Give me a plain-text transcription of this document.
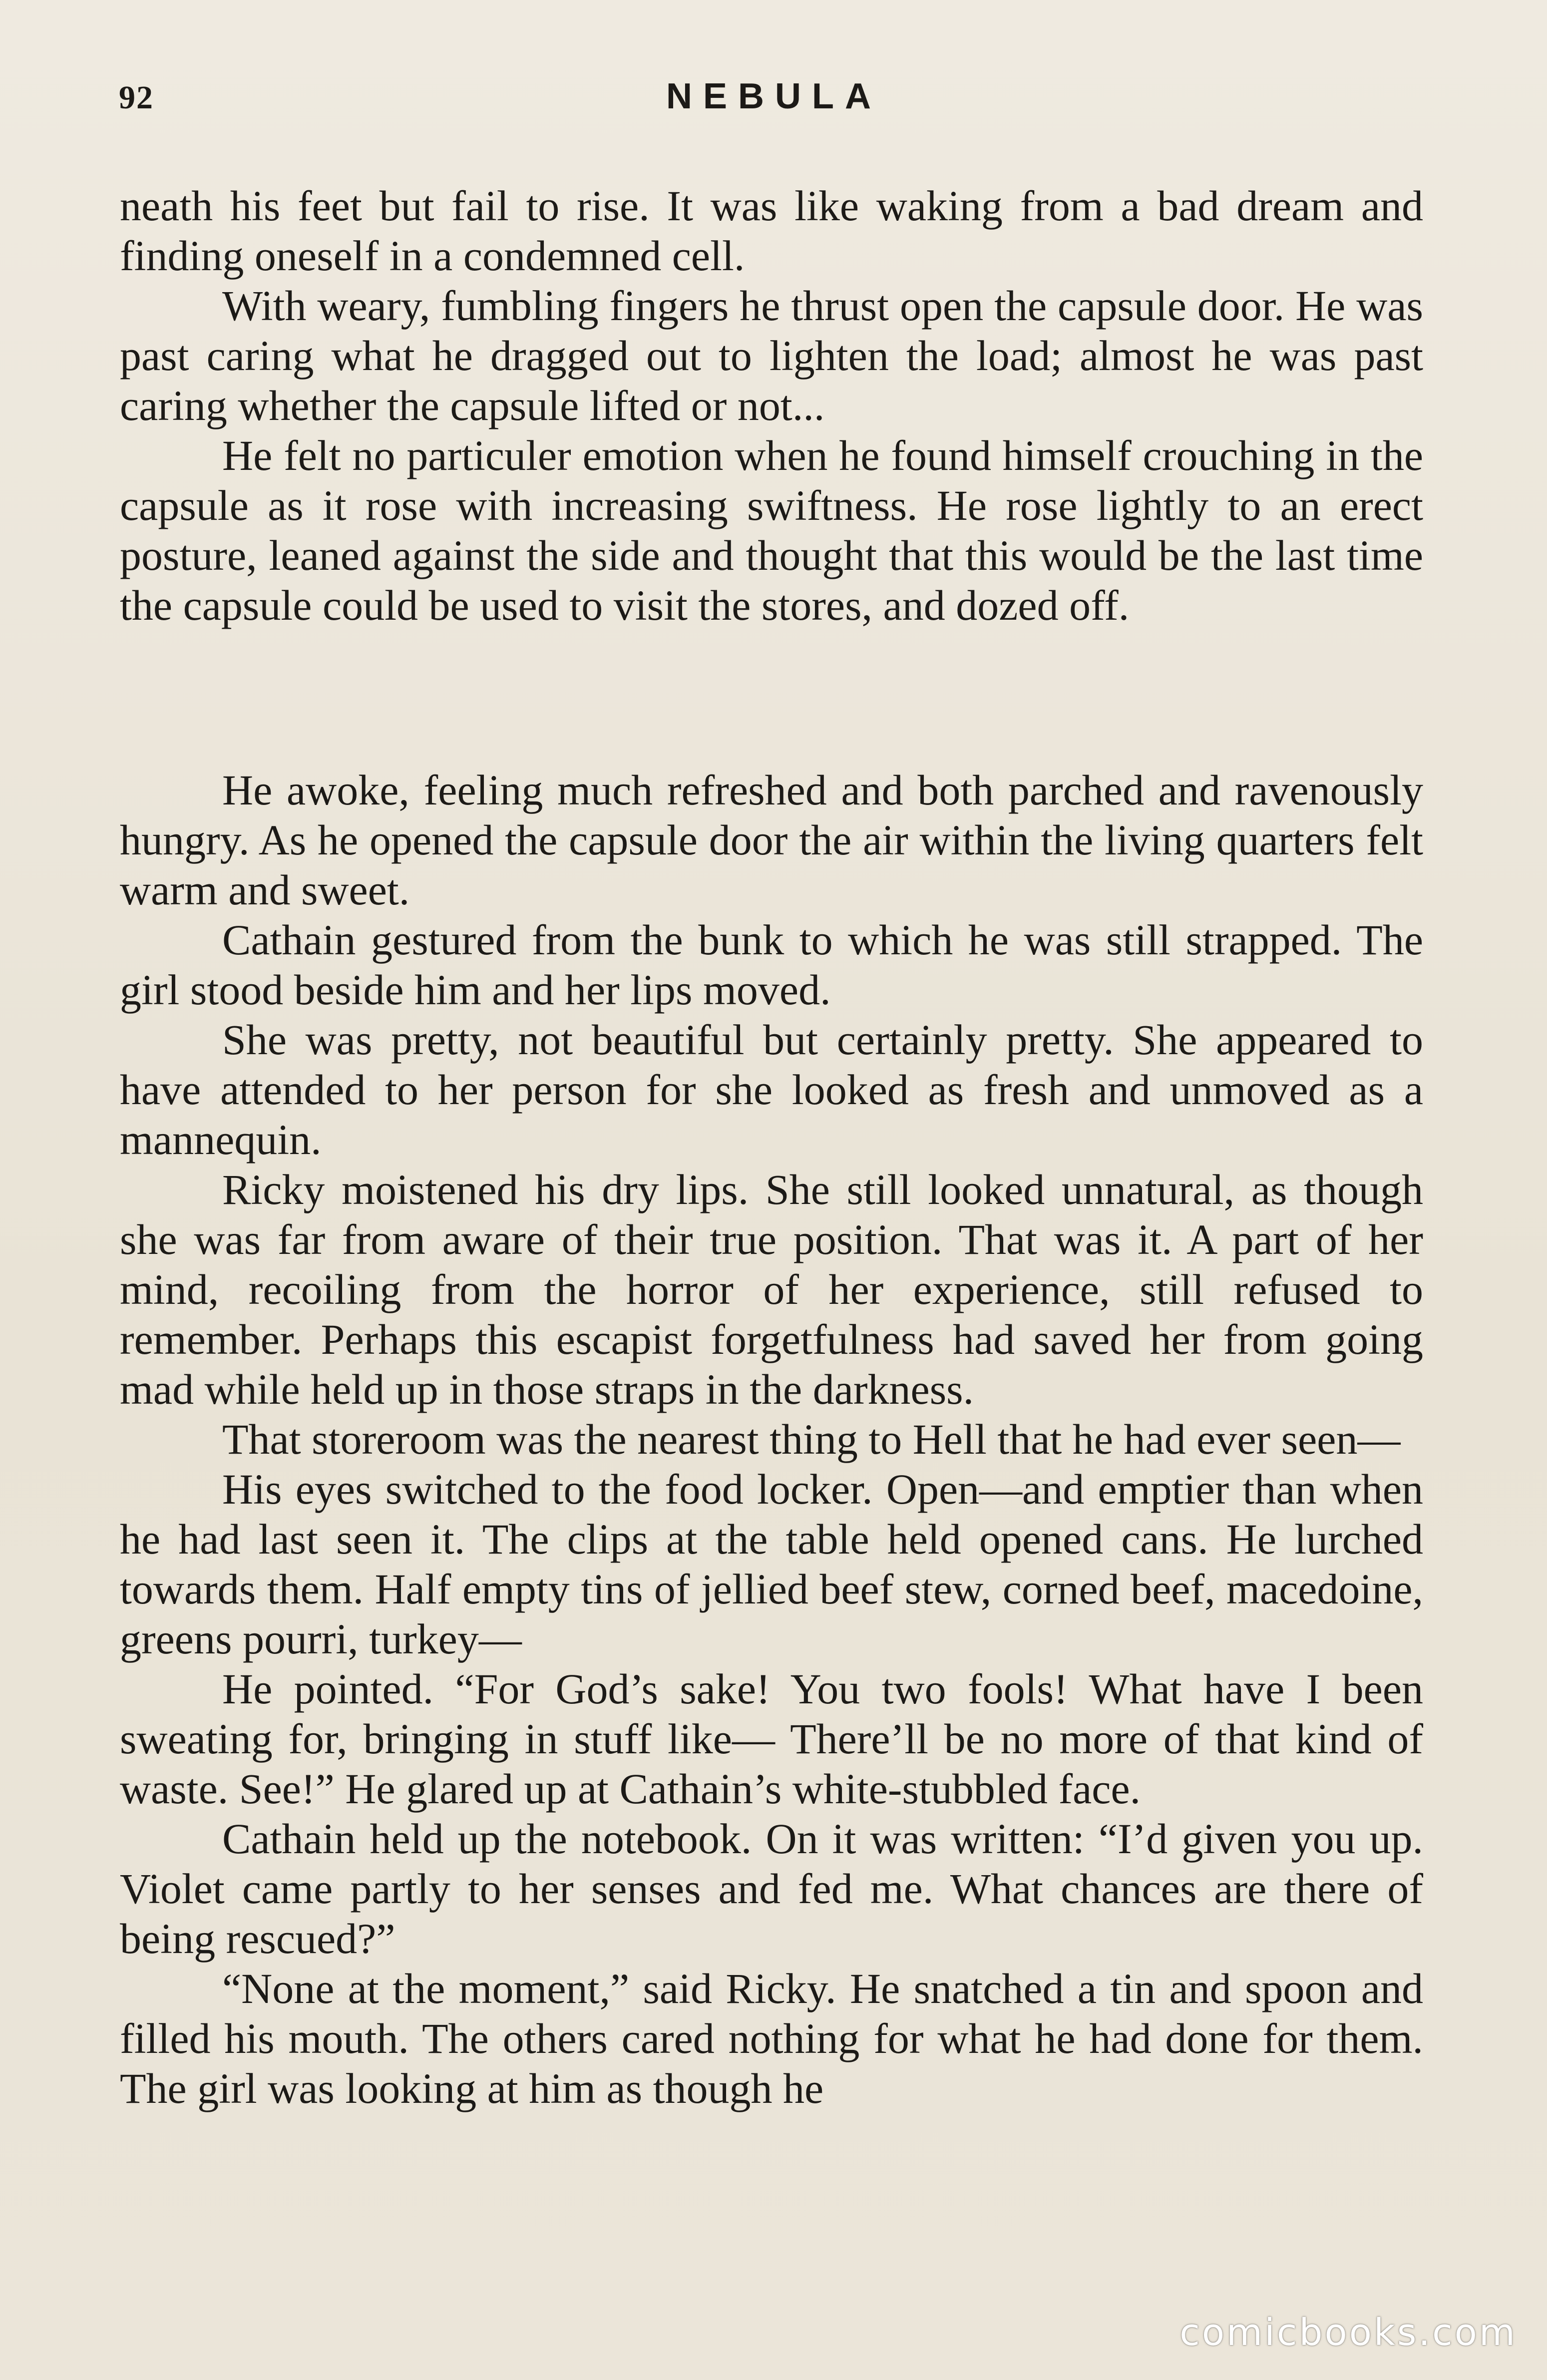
92	NEBULA

neath his feet but fail to rise. It was like waking from a bad dream and finding oneself in a condemned cell.

With weary, fumbling fingers he thrust open the capsule door. He was past caring what he dragged out to lighten the load; almost he was past caring whether the capsule lifted or not...

He felt no particuler emotion when he found himself crouching in the capsule as it rose with increasing swiftness. He rose lightly to an erect posture, leaned against the side and thought that this would be the last time the capsule could be used to visit the stores, and dozed off.

He awoke, feeling much refreshed and both parched and ravenously hungry. As he opened the capsule door the air within the living quarters felt warm and sweet.

Cathain gestured from the bunk to which he was still strapped. The girl stood beside him and her lips moved.

She was pretty, not beautiful but certainly pretty. She appeared to have attended to her person for she looked as fresh and unmoved as a mannequin.

Ricky moistened his dry lips. She still looked unnatural, as though she was far from aware of their true position. That was it. A part of her mind, recoiling from the horror of her experience, still refused to remember. Perhaps this escapist forgetfulness had saved her from going mad while held up in those straps in the darkness.

That storeroom was the nearest thing to Hell that he had ever seen—

His eyes switched to the food locker. Open—and emptier than when he had last seen it. The clips at the table held opened cans. He lurched towards them. Half empty tins of jellied beef stew, corned beef, macedoine, greens pourri, turkey—

He pointed. “For God’s sake! You two fools! What have I been sweating for, bringing in stuff like— There’ll be no more of that kind of waste. See!” He glared up at Cathain’s white-stubbled face.

Cathain held up the notebook. On it was written: “I’d given you up. Violet came partly to her senses and fed me. What chances are there of being rescued?”

“None at the moment,” said Ricky. He snatched a tin and spoon and filled his mouth. The others cared nothing for what he had done for them. The girl was looking at him as though he

comicbooks.com
